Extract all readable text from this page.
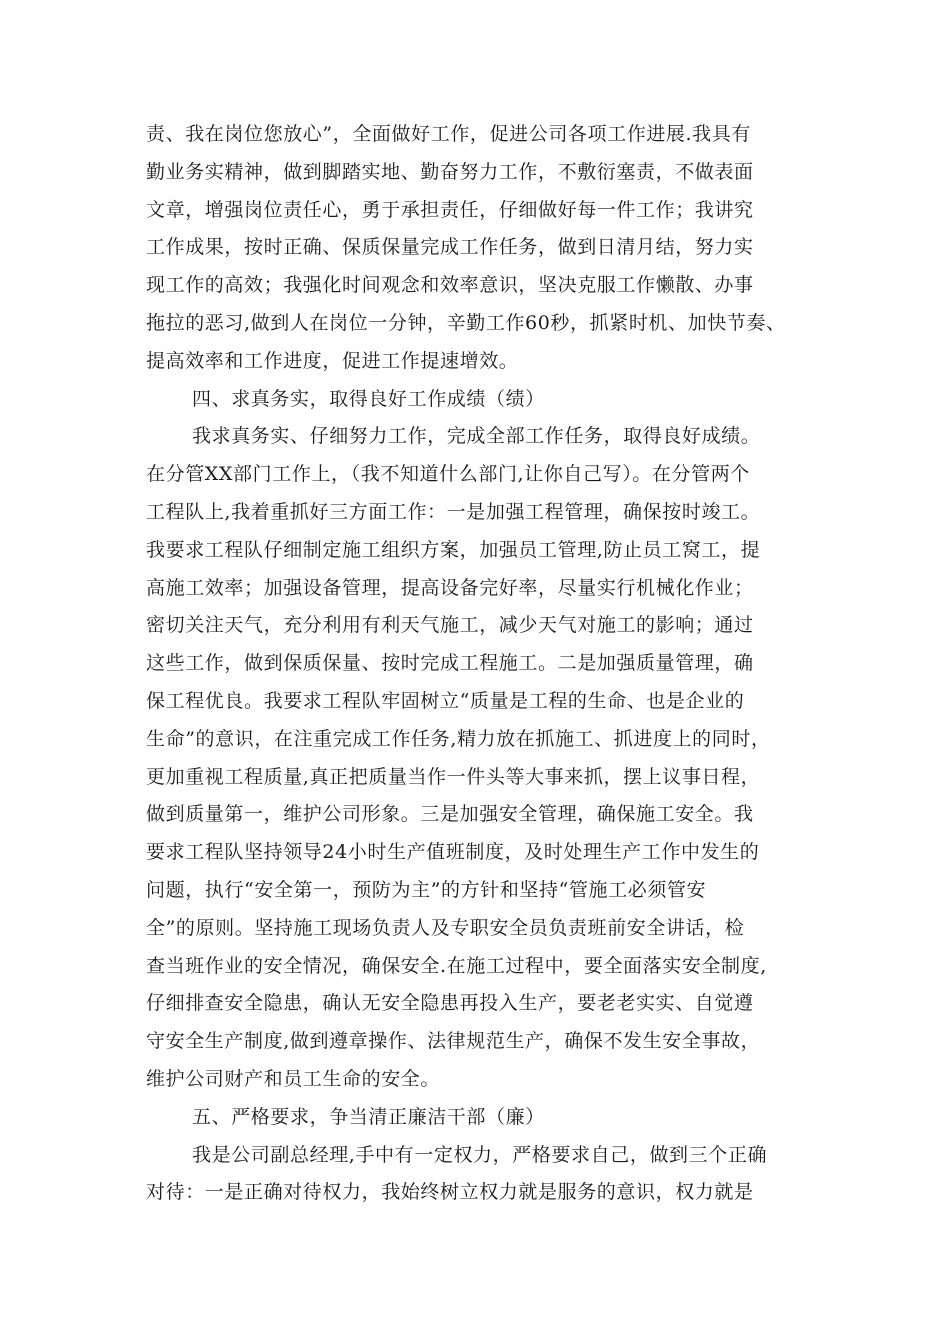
责、我在岗位您放心”，全面做好工作，促进公司各项工作进展.我具有
勤业务实精神，做到脚踏实地、勤奋努力工作，不敷衍塞责，不做表面
文章，增强岗位责任心，勇于承担责任，仔细做好每一件工作；我讲究
工作成果，按时正确、保质保量完成工作任务，做到日清月结，努力实
现工作的高效；我强化时间观念和效率意识，坚决克服工作懒散、办事
拖拉的恶习,做到人在岗位一分钟，辛勤工作60秒，抓紧时机、加快节奏、
提高效率和工作进度，促进工作提速增效。
四、求真务实，取得良好工作成绩（绩）
我求真务实、仔细努力工作，完成全部工作任务，取得良好成绩。
在分管XX部门工作上，（我不知道什么部门,让你自己写）。在分管两个
工程队上,我着重抓好三方面工作：一是加强工程管理，确保按时竣工。
我要求工程队仔细制定施工组织方案，加强员工管理,防止员工窝工，提
高施工效率；加强设备管理，提高设备完好率，尽量实行机械化作业；
密切关注天气，充分利用有利天气施工，减少天气对施工的影响；通过
这些工作，做到保质保量、按时完成工程施工。二是加强质量管理，确
保工程优良。我要求工程队牢固树立“质量是工程的生命、也是企业的
生命”的意识，在注重完成工作任务,精力放在抓施工、抓进度上的同时，
更加重视工程质量,真正把质量当作一件头等大事来抓，摆上议事日程，
做到质量第一，维护公司形象。三是加强安全管理，确保施工安全。我
要求工程队坚持领导24小时生产值班制度，及时处理生产工作中发生的
问题，执行“安全第一，预防为主”的方针和坚持“管施工必须管安
全”的原则。坚持施工现场负责人及专职安全员负责班前安全讲话，检
查当班作业的安全情况，确保安全.在施工过程中，要全面落实安全制度,
仔细排查安全隐患，确认无安全隐患再投入生产，要老老实实、自觉遵
守安全生产制度,做到遵章操作、法律规范生产，确保不发生安全事故，
维护公司财产和员工生命的安全。
五、严格要求，争当清正廉洁干部（廉）
我是公司副总经理,手中有一定权力，严格要求自己，做到三个正确
对待：一是正确对待权力，我始终树立权力就是服务的意识，权力就是
